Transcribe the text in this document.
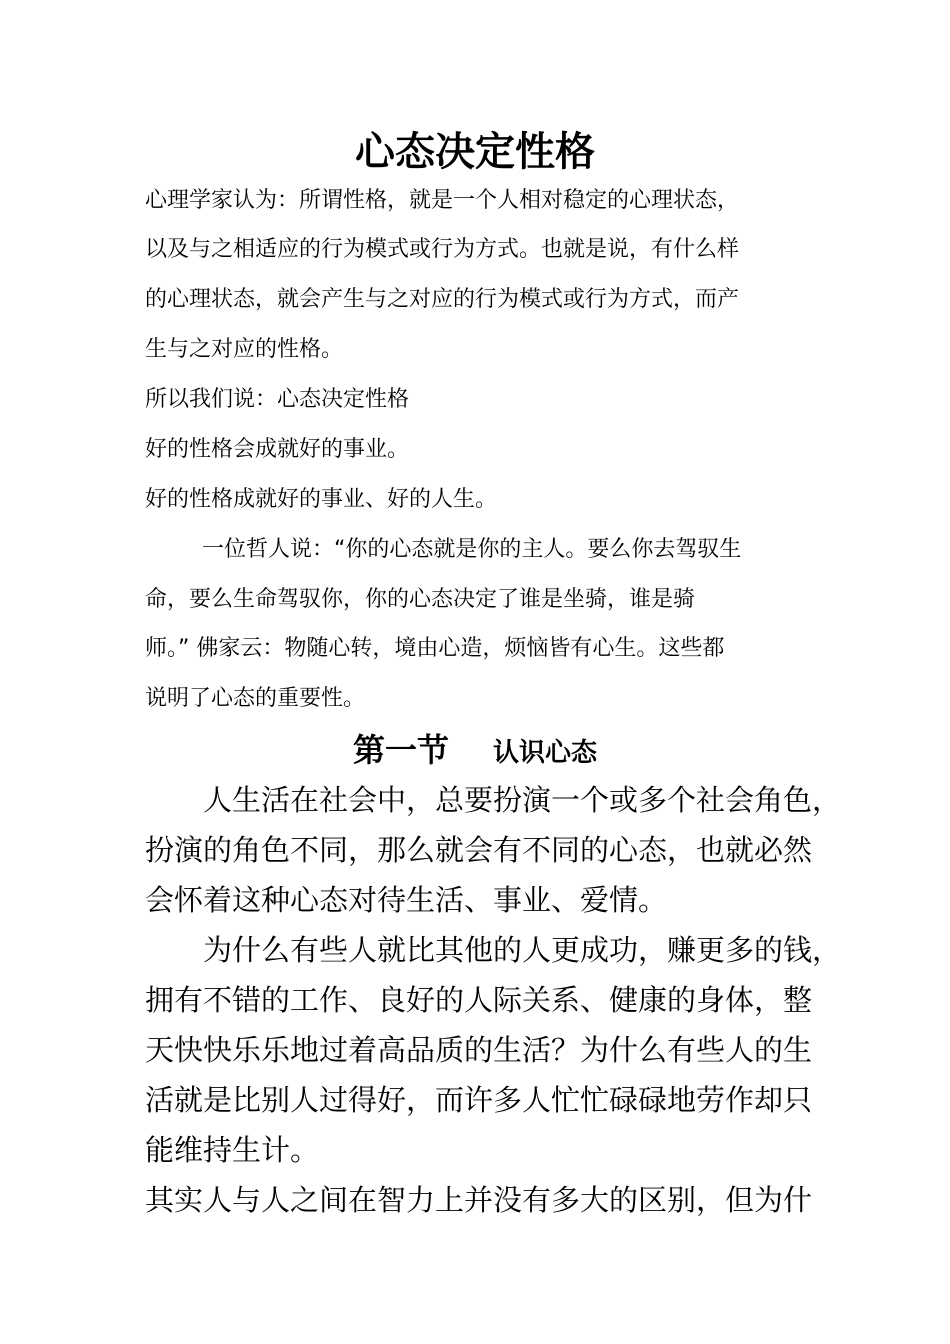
心态决定性格

心理学家认为：所谓性格，就是一个人相对稳定的心理状态，

以及与之相适应的行为模式或行为方式。也就是说，有什么样

的心理状态，就会产生与之对应的行为模式或行为方式，而产

生与之对应的性格。

所以我们说：心态决定性格

好的性格会成就好的事业。

好的性格成就好的事业、好的人生。

一位哲人说：“你的心态就是你的主人。要么你去驾驭生

命，要么生命驾驭你，你的心态决定了谁是坐骑，谁是骑

师。” 佛家云：物随心转，境由心造，烦恼皆有心生。这些都

说明了心态的重要性。

第一节 认识心态

人生活在社会中，总要扮演一个或多个社会角色，

扮演的角色不同，那么就会有不同的心态，也就必然

会怀着这种心态对待生活、事业、爱情。

为什么有些人就比其他的人更成功，赚更多的钱，

拥有不错的工作、良好的人际关系、健康的身体，整

天快快乐乐地过着高品质的生活？为什么有些人的生

活就是比别人过得好，而许多人忙忙碌碌地劳作却只

能维持生计。

其实人与人之间在智力上并没有多大的区别，但为什
